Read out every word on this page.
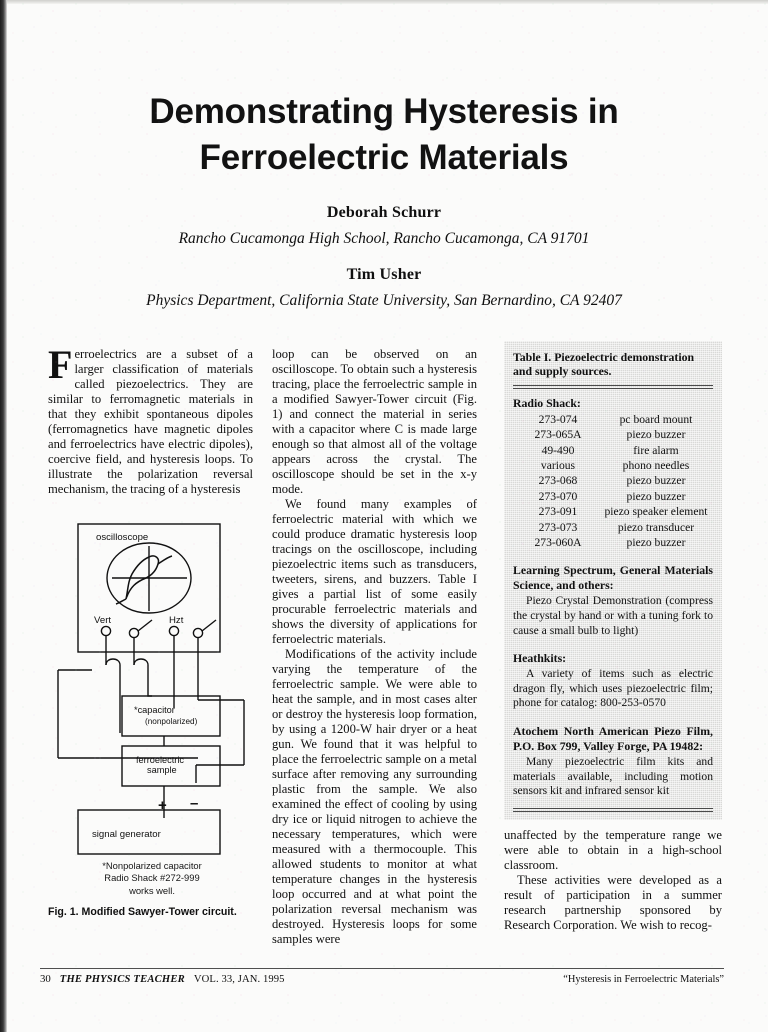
Demonstrating Hysteresis in Ferroelectric Materials
Deborah Schurr
Rancho Cucamonga High School, Rancho Cucamonga, CA 91701
Tim Usher
Physics Department, California State University, San Bernardino, CA 92407

Ferroelectrics are a subset of a larger classification of materials called piezoelectrics. They are similar to ferromagnetic materials in that they exhibit spontaneous dipoles (ferromagnetics have magnetic dipoles and ferroelectrics have electric dipoles), coercive field, and hysteresis loops. To illustrate the polarization reversal mechanism, the tracing of a hysteresis

oscilloscope
Vert	Hzt
*capacitor
(nonpolarized)
ferroelectric
sample
signal generator
+ –
*Nonpolarized capacitor
Radio Shack #272-999
works well.
Fig. 1. Modified Sawyer-Tower circuit.

loop can be observed on an oscilloscope. To obtain such a hysteresis tracing, place the ferroelectric sample in a modified Sawyer-Tower circuit (Fig. 1) and connect the material in series with a capacitor where C is made large enough so that almost all of the voltage appears across the crystal. The oscilloscope should be set in the x-y mode.

We found many examples of ferroelectric material with which we could produce dramatic hysteresis loop tracings on the oscilloscope, including piezoelectric items such as transducers, tweeters, sirens, and buzzers. Table I gives a partial list of some easily procurable ferroelectric materials and shows the diversity of applications for ferroelectric materials.

Modifications of the activity include varying the temperature of the ferroelectric sample. We were able to heat the sample, and in most cases alter or destroy the hysteresis loop formation, by using a 1200-W hair dryer or a heat gun. We found that it was helpful to place the ferroelectric sample on a metal surface after removing any surrounding plastic from the sample. We also examined the effect of cooling by using dry ice or liquid nitrogen to achieve the necessary temperatures, which were measured with a thermocouple. This allowed students to monitor at what temperature changes in the hysteresis loop occurred and at what point the polarization reversal mechanism was destroyed. Hysteresis loops for some samples were

Table I. Piezoelectric demonstration and supply sources.
Radio Shack:
273-074	pc board mount
273-065A	piezo buzzer
49-490	fire alarm
various	phono needles
273-068	piezo buzzer
273-070	piezo buzzer
273-091	piezo speaker element
273-073	piezo transducer
273-060A	piezo buzzer
Learning Spectrum, General Materials Science, and others:
Piezo Crystal Demonstration (compress the crystal by hand or with a tuning fork to cause a small bulb to light)
Heathkits:
A variety of items such as electric dragon fly, which uses piezoelectric film; phone for catalog: 800-253-0570
Atochem North American Piezo Film, P.O. Box 799, Valley Forge, PA 19482:
Many piezoelectric film kits and materials available, including motion sensors kit and infrared sensor kit

unaffected by the temperature range we were able to obtain in a high-school classroom.

These activities were developed as a result of participation in a summer research partnership sponsored by Research Corporation. We wish to recog-

30 THE PHYSICS TEACHER VOL. 33, JAN. 1995	“Hysteresis in Ferroelectric Materials”
